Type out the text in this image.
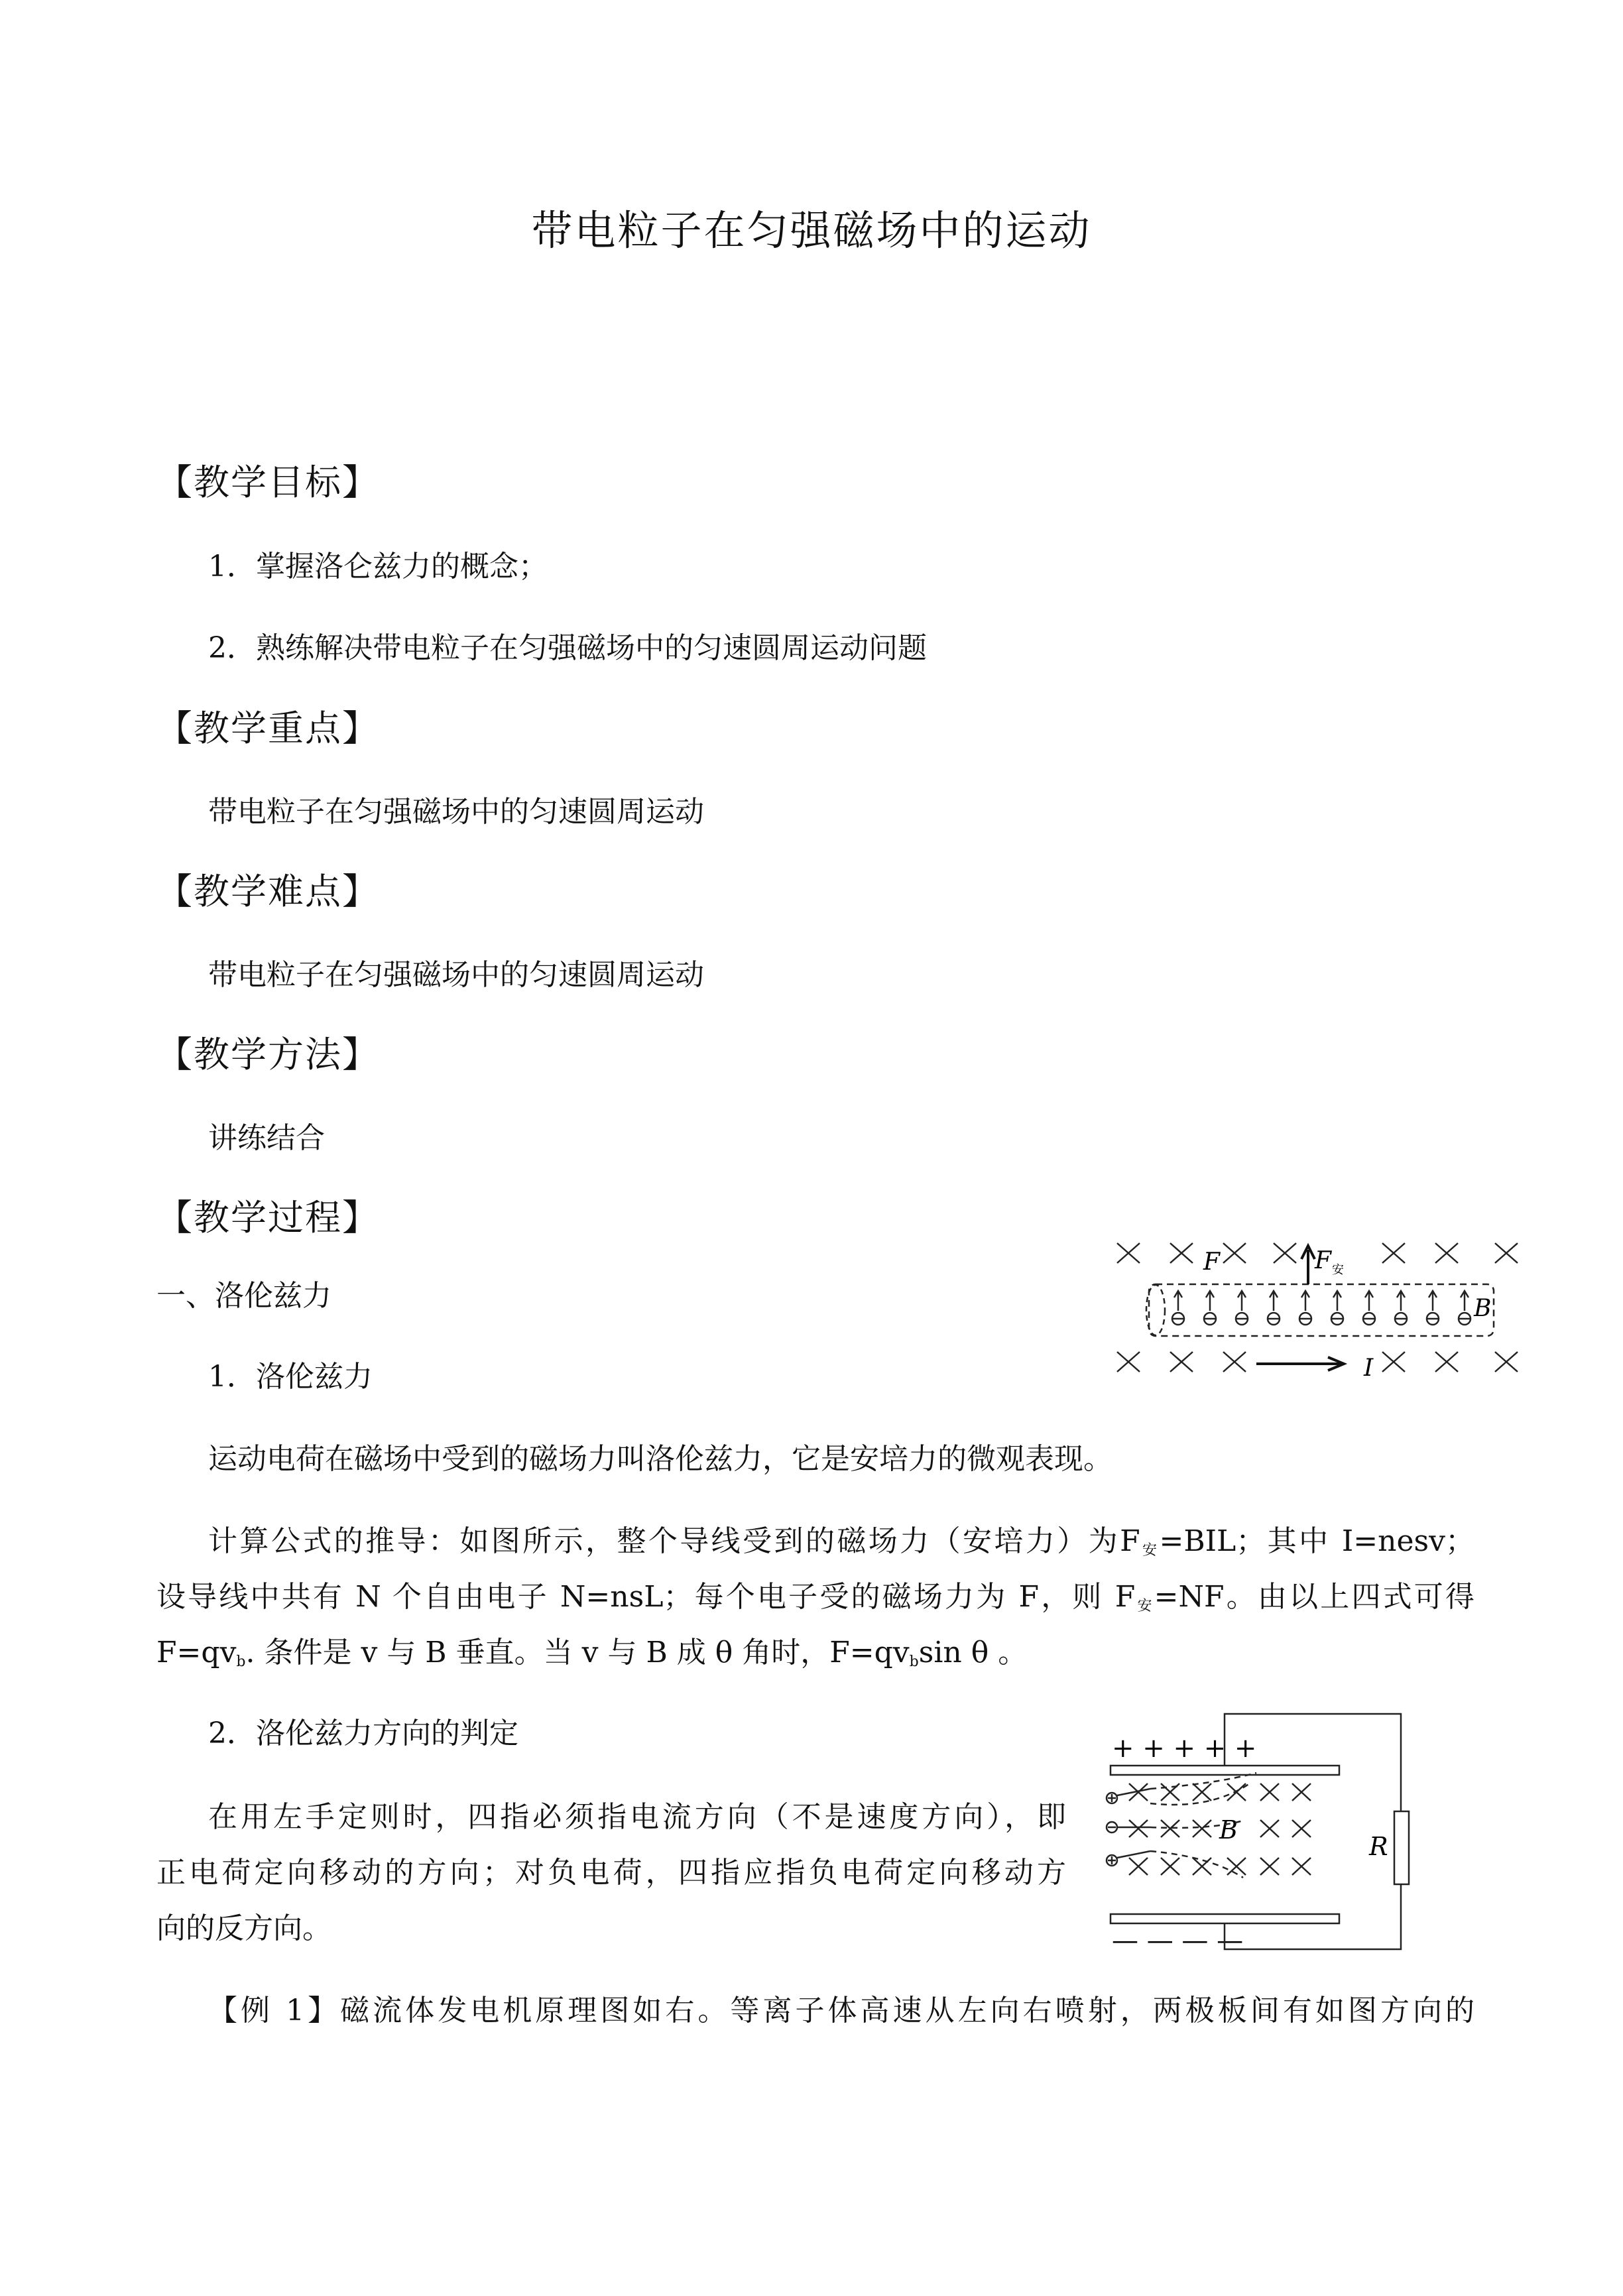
带电粒子在匀强磁场中的运动
【教学目标】
1．掌握洛仑兹力的概念；
2．熟练解决带电粒子在匀强磁场中的匀速圆周运动问题
【教学重点】
带电粒子在匀强磁场中的匀速圆周运动
【教学难点】
带电粒子在匀强磁场中的匀速圆周运动
【教学方法】
讲练结合
【教学过程】
一、洛伦兹力
1．洛伦兹力
运动电荷在磁场中受到的磁场力叫洛伦兹力，它是安培力的微观表现。
计算公式的推导：如图所示，整个导线受到的磁场力（安培力）为$F_安=BIL$；其中 I=nesv；
设导线中共有 N 个自由电子 N=nsL；每个电子受的磁场力为 F，则 $F_安=NF$。由以上四式可得
$F=qv_b$. 条件是 v 与 B 垂直。当 v 与 B 成 θ 角时，$F=qv_b\sin$ θ 。
2．洛伦兹力方向的判定
在用左手定则时，四指必须指电流方向（不是速度方向），即
正电荷定向移动的方向；对负电荷，四指应指负电荷定向移动方
向的反方向。
【例 1】磁流体发电机原理图如右。等离子体高速从左向右喷射，两极板间有如图方向的
F	F 安
B
I
+ + + + +
— — — —
R
B
